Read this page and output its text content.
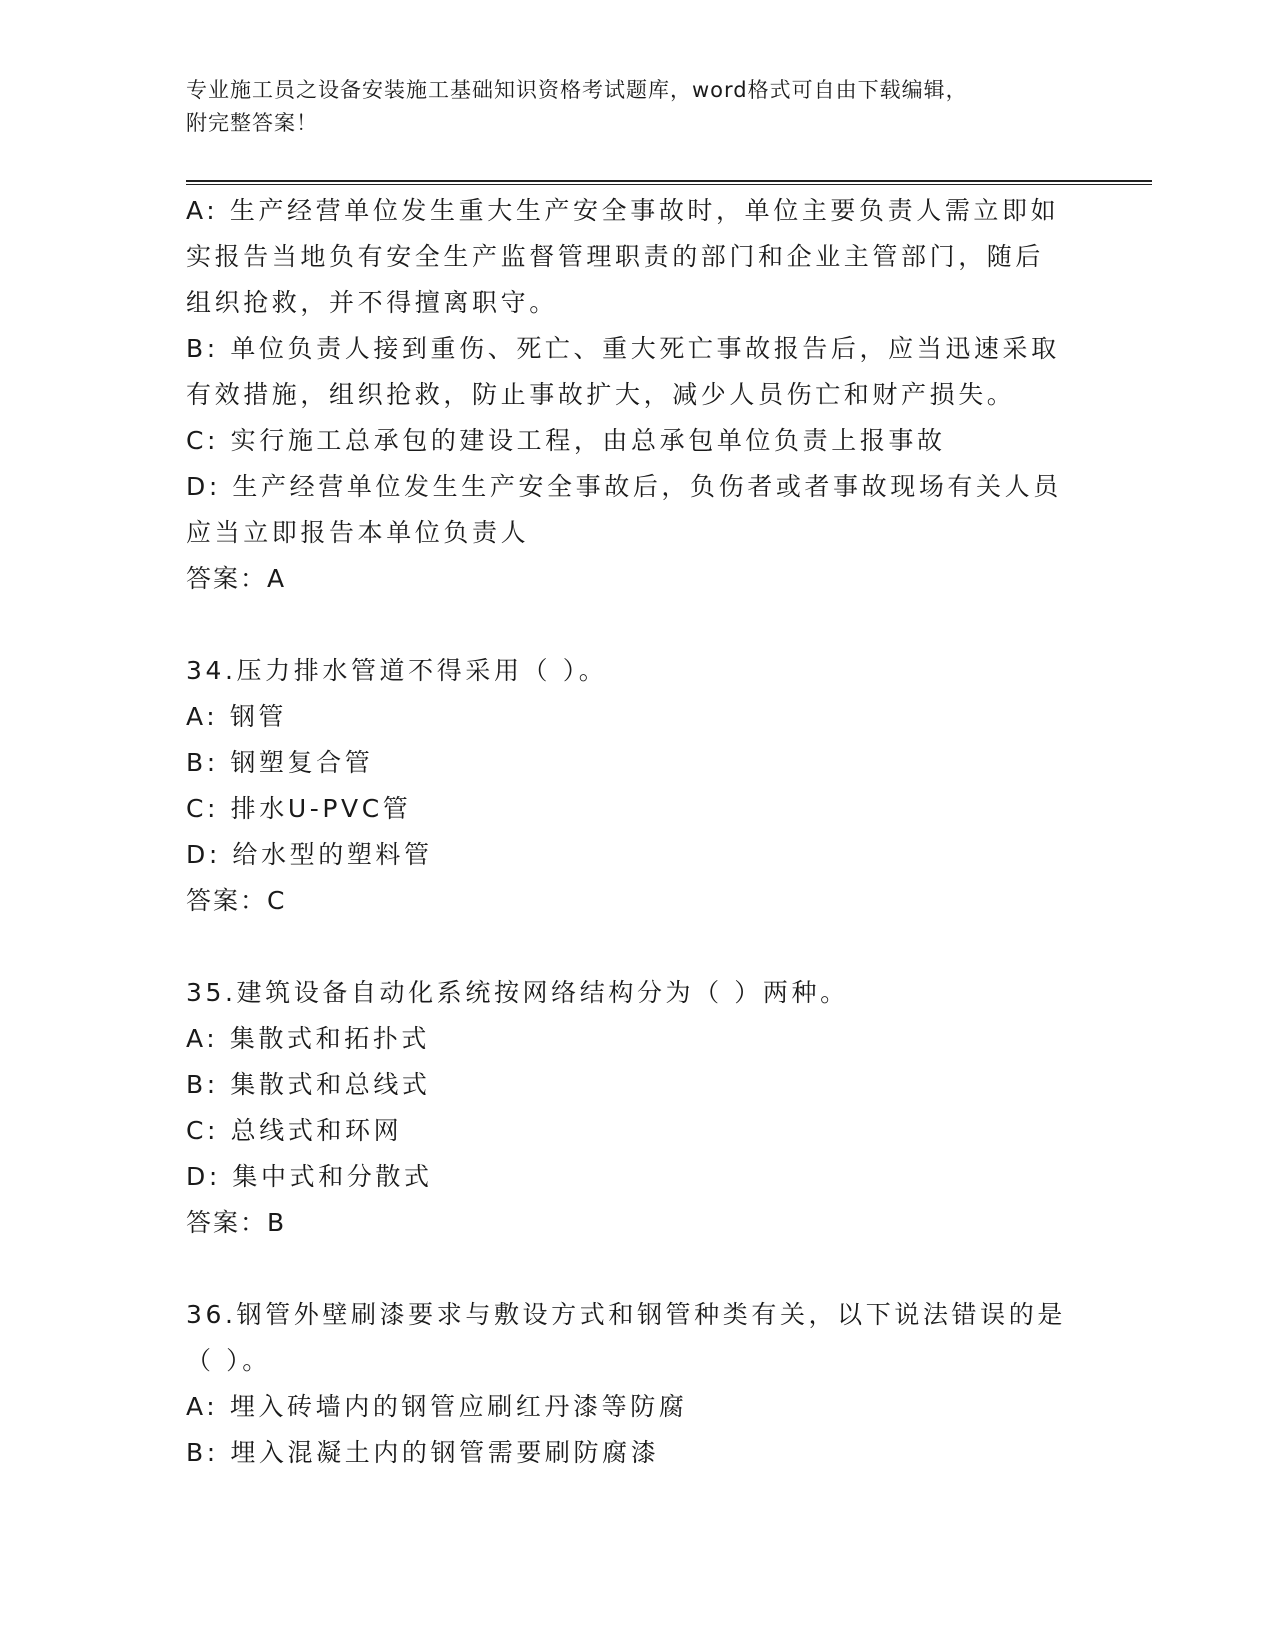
专业施工员之设备安装施工基础知识资格考试题库，word格式可自由下载编辑，
附完整答案！
A: 生产经营单位发生重大生产安全事故时，单位主要负责人需立即如
实报告当地负有安全生产监督管理职责的部门和企业主管部门，随后
组织抢救，并不得擅离职守。
B: 单位负责人接到重伤、死亡、重大死亡事故报告后，应当迅速采取
有效措施，组织抢救，防止事故扩大，减少人员伤亡和财产损失。
C: 实行施工总承包的建设工程，由总承包单位负责上报事故
D: 生产经营单位发生生产安全事故后，负伤者或者事故现场有关人员
应当立即报告本单位负责人
答案：A
34.压力排水管道不得采用（ ）。
A: 钢管
B: 钢塑复合管
C: 排水U-PVC管
D: 给水型的塑料管
答案：C
35.建筑设备自动化系统按网络结构分为（ ）两种。
A: 集散式和拓扑式
B: 集散式和总线式
C: 总线式和环网
D: 集中式和分散式
答案：B
36.钢管外壁刷漆要求与敷设方式和钢管种类有关，以下说法错误的是
（ ）。
A: 埋入砖墙内的钢管应刷红丹漆等防腐
B: 埋入混凝土内的钢管需要刷防腐漆
